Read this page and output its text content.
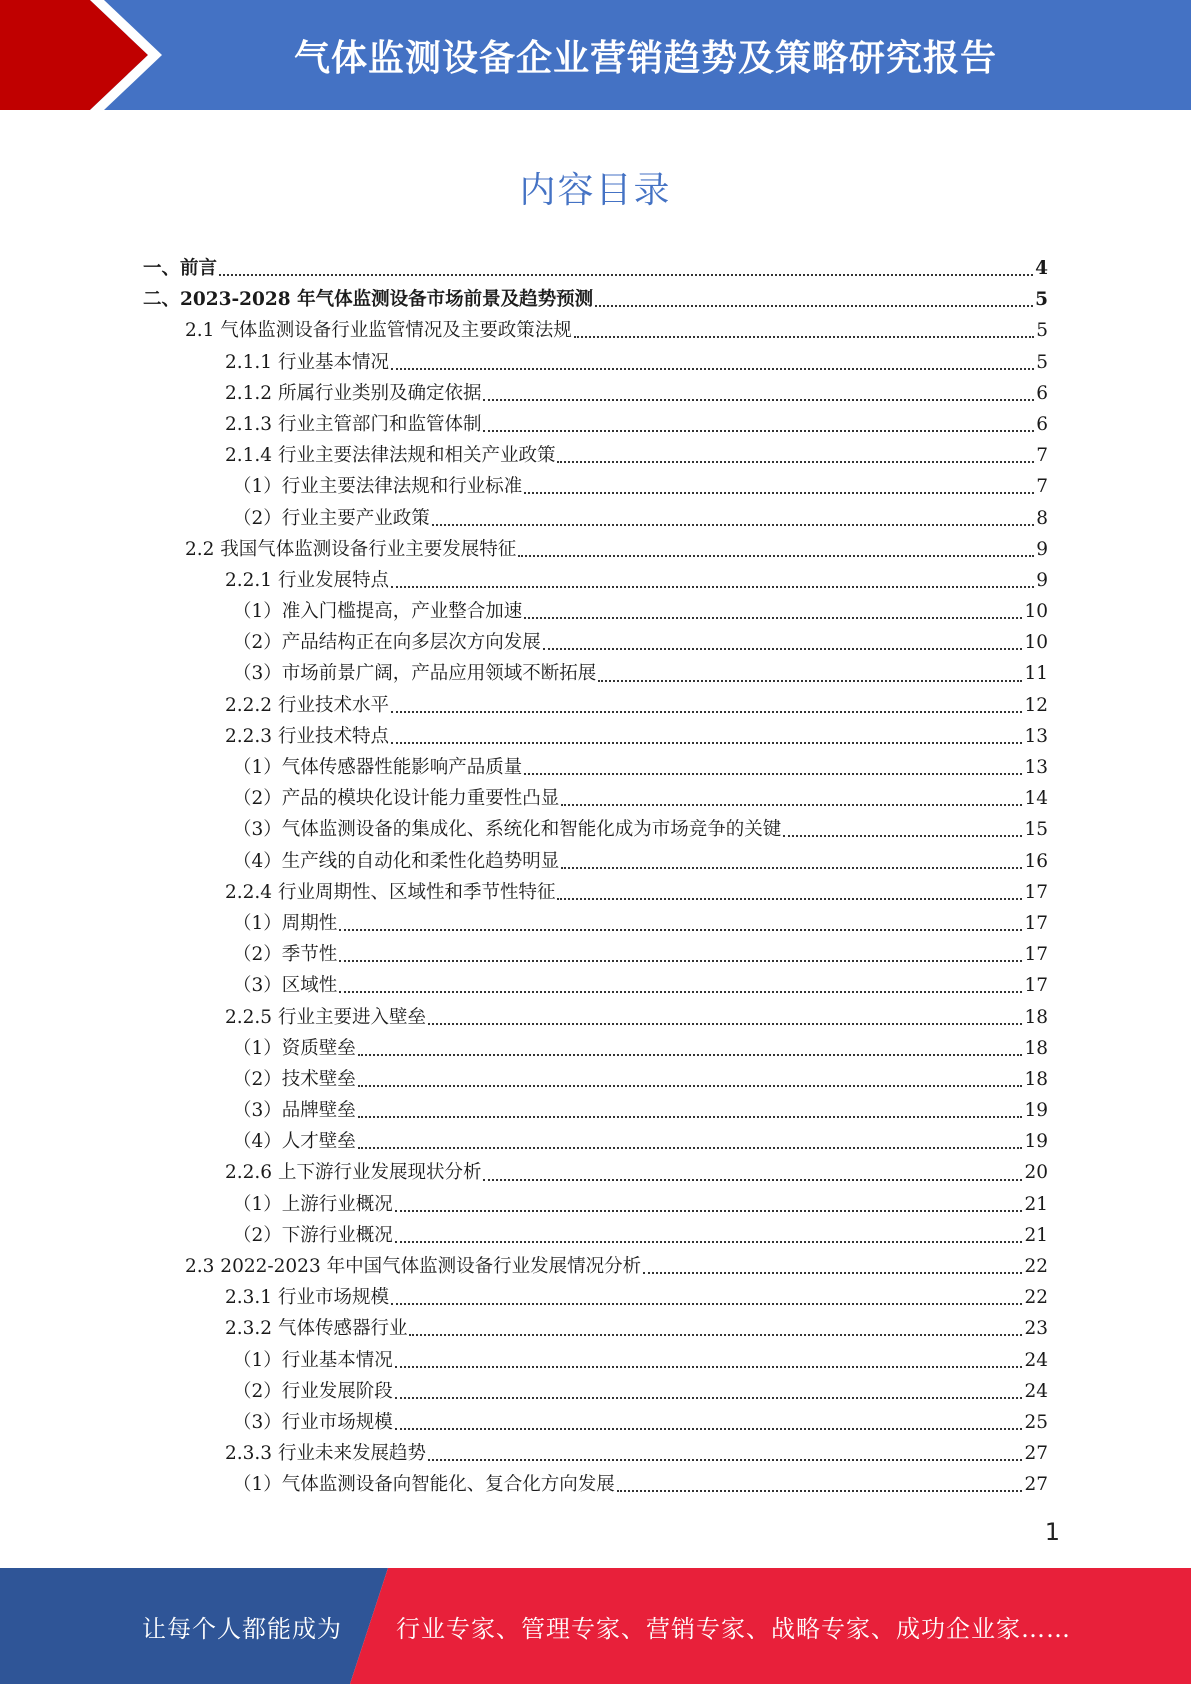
气体监测设备企业营销趋势及策略研究报告
内容目录
一、前言	4
二、2023-2028 年气体监测设备市场前景及趋势预测	5
2.1 气体监测设备行业监管情况及主要政策法规	5
2.1.1 行业基本情况	5
2.1.2 所属行业类别及确定依据	6
2.1.3 行业主管部门和监管体制	6
2.1.4 行业主要法律法规和相关产业政策	7
（1）行业主要法律法规和行业标准	7
（2）行业主要产业政策	8
2.2 我国气体监测设备行业主要发展特征	9
2.2.1 行业发展特点	9
（1）准入门槛提高，产业整合加速	10
（2）产品结构正在向多层次方向发展	10
（3）市场前景广阔，产品应用领域不断拓展	11
2.2.2 行业技术水平	12
2.2.3 行业技术特点	13
（1）气体传感器性能影响产品质量	13
（2）产品的模块化设计能力重要性凸显	14
（3）气体监测设备的集成化、系统化和智能化成为市场竞争的关键	15
（4）生产线的自动化和柔性化趋势明显	16
2.2.4 行业周期性、区域性和季节性特征	17
（1）周期性	17
（2）季节性	17
（3）区域性	17
2.2.5 行业主要进入壁垒	18
（1）资质壁垒	18
（2）技术壁垒	18
（3）品牌壁垒	19
（4）人才壁垒	19
2.2.6 上下游行业发展现状分析	20
（1）上游行业概况	21
（2）下游行业概况	21
2.3 2022-2023 年中国气体监测设备行业发展情况分析	22
2.3.1 行业市场规模	22
2.3.2 气体传感器行业	23
（1）行业基本情况	24
（2）行业发展阶段	24
（3）行业市场规模	25
2.3.3 行业未来发展趋势	27
（1）气体监测设备向智能化、复合化方向发展	27
1
让每个人都能成为 行业专家、管理专家、营销专家、战略专家、成功企业家……
